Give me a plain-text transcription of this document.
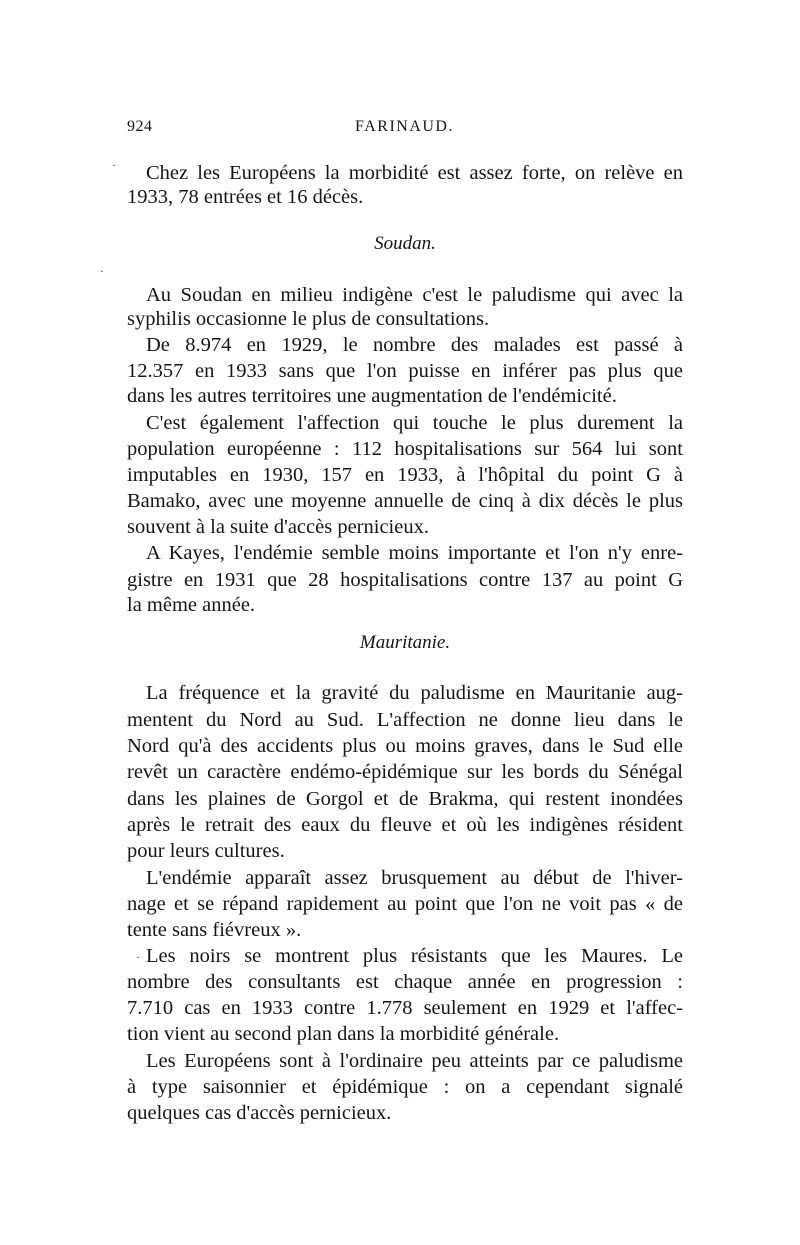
924	FARINAUD.
·
·
·
Chez les Européens la morbidité est assez forte, on relève en
1933, 78 entrées et 16 décès.
Soudan.
Au Soudan en milieu indigène c'est le paludisme qui avec la
syphilis occasionne le plus de consultations.
De 8.974 en 1929, le nombre des malades est passé à
12.357 en 1933 sans que l'on puisse en inférer pas plus que
dans les autres territoires une augmentation de l'endémicité.
C'est également l'affection qui touche le plus durement la
population européenne : 112 hospitalisations sur 564 lui sont
imputables en 1930, 157 en 1933, à l'hôpital du point G à
Bamako, avec une moyenne annuelle de cinq à dix décès le plus
souvent à la suite d'accès pernicieux.
A Kayes, l'endémie semble moins importante et l'on n'y enre-
gistre en 1931 que 28 hospitalisations contre 137 au point G
la même année.
Mauritanie.
La fréquence et la gravité du paludisme en Mauritanie aug-
mentent du Nord au Sud. L'affection ne donne lieu dans le
Nord qu'à des accidents plus ou moins graves, dans le Sud elle
revêt un caractère endémo-épidémique sur les bords du Sénégal
dans les plaines de Gorgol et de Brakma, qui restent inondées
après le retrait des eaux du fleuve et où les indigènes résident
pour leurs cultures.
L'endémie apparaît assez brusquement au début de l'hiver-
nage et se répand rapidement au point que l'on ne voit pas « de
tente sans fiévreux ».
Les noirs se montrent plus résistants que les Maures. Le
nombre des consultants est chaque année en progression :
7.710 cas en 1933 contre 1.778 seulement en 1929 et l'affec-
tion vient au second plan dans la morbidité générale.
Les Européens sont à l'ordinaire peu atteints par ce paludisme
à type saisonnier et épidémique : on a cependant signalé
quelques cas d'accès pernicieux.
